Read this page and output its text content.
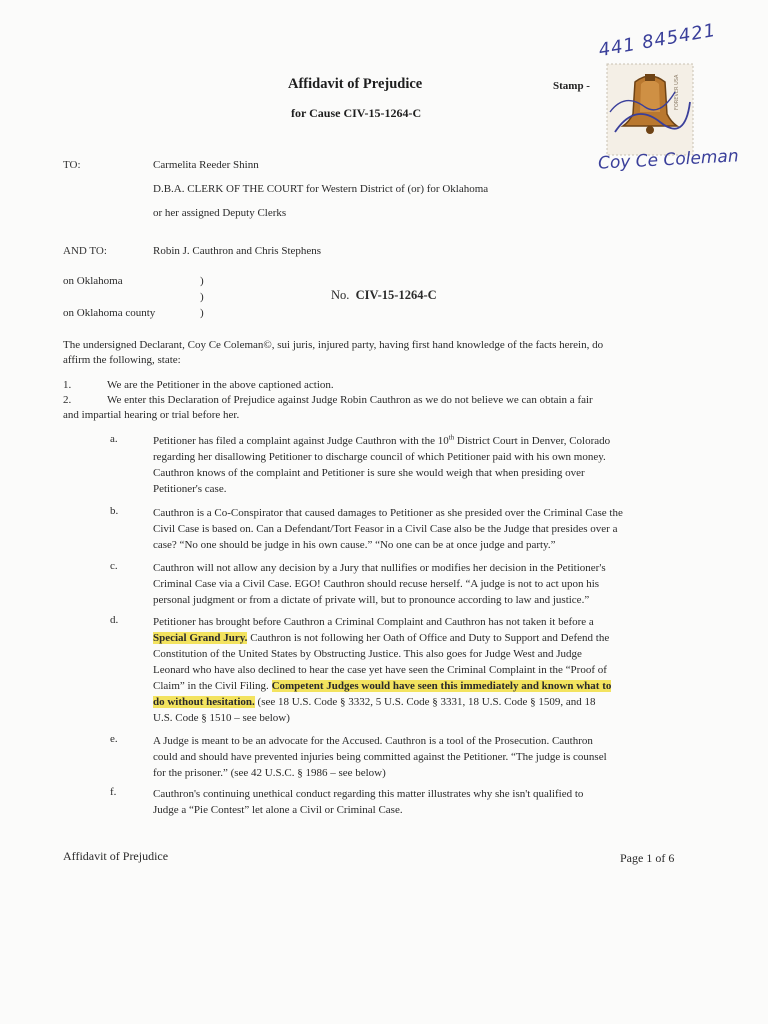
Affidavit of Prejudice
for Cause CIV-15-1264-C
Stamp -
441 845421
FOREVER USA
Coy Ce Coleman
TO:	Carmelita Reeder Shinn
D.B.A. CLERK OF THE COURT for Western District of (or) for Oklahoma
or her assigned Deputy Clerks
AND TO:	Robin J. Cauthron and Chris Stephens
on Oklahoma
on Oklahoma county
)
)
)
No. CIV-15-1264-C
The undersigned Declarant, Coy Ce Coleman©, sui juris, injured party, having first hand knowledge of the facts herein, do
affirm the following, state:
1.	We are the Petitioner in the above captioned action.
2.	We enter this Declaration of Prejudice against Judge Robin Cauthron as we do not believe we can obtain a fair
and impartial hearing or trial before her.
a.	Petitioner has filed a complaint against Judge Cauthron with the 10th District Court in Denver, Colorado
regarding her disallowing Petitioner to discharge council of which Petitioner paid with his own money.
Cauthron knows of the complaint and Petitioner is sure she would weigh that when presiding over
Petitioner's case.
b.	Cauthron is a Co-Conspirator that caused damages to Petitioner as she presided over the Criminal Case the
Civil Case is based on. Can a Defendant/Tort Feasor in a Civil Case also be the Judge that presides over a
case? “No one should be judge in his own cause.” “No one can be at once judge and party.”
c.	Cauthron will not allow any decision by a Jury that nullifies or modifies her decision in the Petitioner's
Criminal Case via a Civil Case. EGO! Cauthron should recuse herself. “A judge is not to act upon his
personal judgment or from a dictate of private will, but to pronounce according to law and justice.”
d.	Petitioner has brought before Cauthron a Criminal Complaint and Cauthron has not taken it before a
Special Grand Jury. Cauthron is not following her Oath of Office and Duty to Support and Defend the
Constitution of the United States by Obstructing Justice. This also goes for Judge West and Judge
Leonard who have also declined to hear the case yet have seen the Criminal Complaint in the “Proof of
Claim” in the Civil Filing. Competent Judges would have seen this immediately and known what to
do without hesitation. (see 18 U.S. Code § 3332, 5 U.S. Code § 3331, 18 U.S. Code § 1509, and 18
U.S. Code § 1510 – see below)
e.	A Judge is meant to be an advocate for the Accused. Cauthron is a tool of the Prosecution. Cauthron
could and should have prevented injuries being committed against the Petitioner. “The judge is counsel
for the prisoner.” (see 42 U.S.C. § 1986 – see below)
f.	Cauthron's continuing unethical conduct regarding this matter illustrates why she isn't qualified to
Judge a “Pie Contest” let alone a Civil or Criminal Case.
Affidavit of Prejudice	Page 1 of 6
